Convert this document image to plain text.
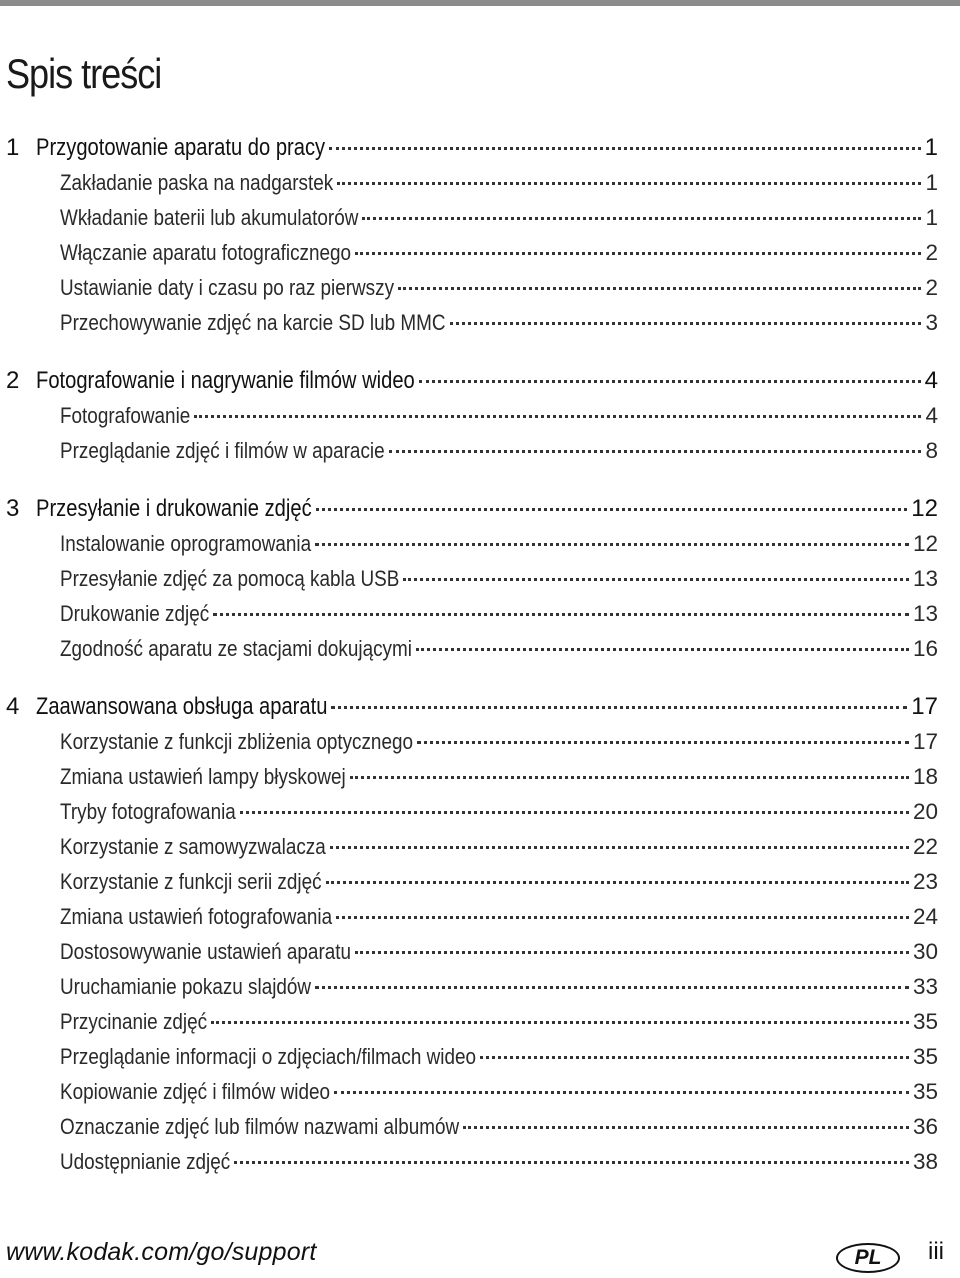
Spis treści
1 Przygotowanie aparatu do pracy	1
Zakładanie paska na nadgarstek	1
Wkładanie baterii lub akumulatorów	1
Włączanie aparatu fotograficznego	2
Ustawianie daty i czasu po raz pierwszy	2
Przechowywanie zdjęć na karcie SD lub MMC	3
2 Fotografowanie i nagrywanie filmów wideo	4
Fotografowanie	4
Przeglądanie zdjęć i filmów w aparacie	8
3 Przesyłanie i drukowanie zdjęć	12
Instalowanie oprogramowania	12
Przesyłanie zdjęć za pomocą kabla USB	13
Drukowanie zdjęć	13
Zgodność aparatu ze stacjami dokującymi	16
4 Zaawansowana obsługa aparatu	17
Korzystanie z funkcji zbliżenia optycznego	17
Zmiana ustawień lampy błyskowej	18
Tryby fotografowania	20
Korzystanie z samowyzwalacza	22
Korzystanie z funkcji serii zdjęć	23
Zmiana ustawień fotografowania	24
Dostosowywanie ustawień aparatu	30
Uruchamianie pokazu slajdów	33
Przycinanie zdjęć	35
Przeglądanie informacji o zdjęciach/filmach wideo	35
Kopiowanie zdjęć i filmów wideo	35
Oznaczanie zdjęć lub filmów nazwami albumów	36
Udostępnianie zdjęć	38
www.kodak.com/go/support	PL	iii
